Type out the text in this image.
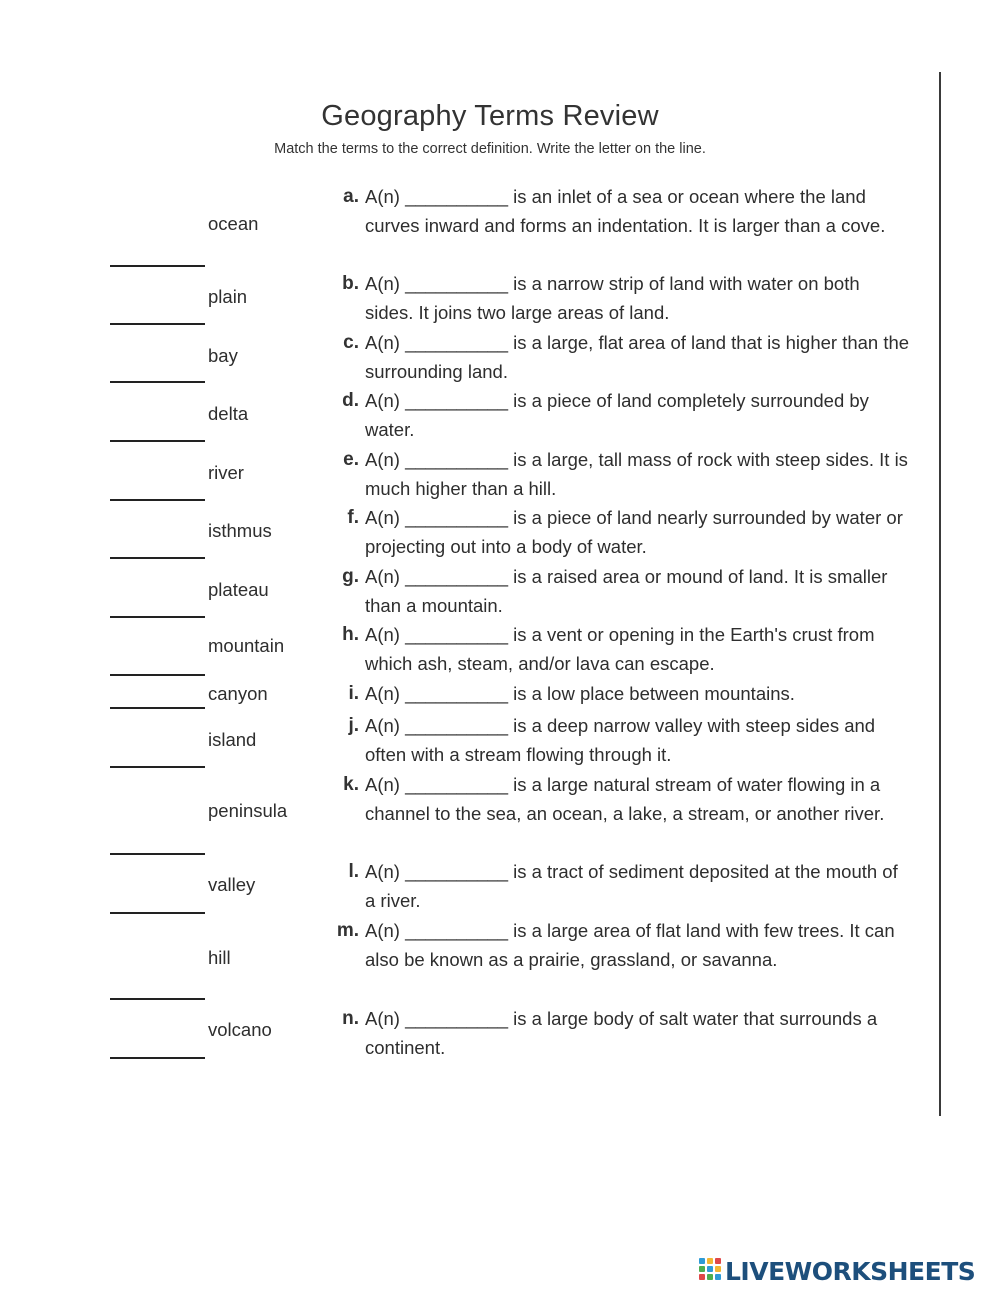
Geography Terms Review
Match the terms to the correct definition. Write the letter on the line.
ocean
plain
bay
delta
river
isthmus
plateau
mountain
canyon
island
peninsula
valley
hill
volcano
a. A(n) __________ is an inlet of a sea or ocean where the land curves inward and forms an indentation. It is larger than a cove.
b. A(n) __________ is a narrow strip of land with water on both sides. It joins two large areas of land.
c. A(n) __________ is a large, flat area of land that is higher than the surrounding land.
d. A(n) __________ is a piece of land completely surrounded by water.
e. A(n) __________ is a large, tall mass of rock with steep sides. It is much higher than a hill.
f. A(n) __________ is a piece of land nearly surrounded by water or projecting out into a body of water.
g. A(n) __________ is a raised area or mound of land. It is smaller than a mountain.
h. A(n) __________ is a vent or opening in the Earth's crust from which ash, steam, and/or lava can escape.
i. A(n) __________ is a low place between mountains.
j. A(n) __________ is a deep narrow valley with steep sides and often with a stream flowing through it.
k. A(n) __________ is a large natural stream of water flowing in a channel to the sea, an ocean, a lake, a stream, or another river.
l. A(n) __________ is a tract of sediment deposited at the mouth of a river.
m. A(n) __________ is a large area of flat land with few trees. It can also be known as a prairie, grassland, or savanna.
n. A(n) __________ is a large body of salt water that surrounds a continent.
LIVEWORKSHEETS
